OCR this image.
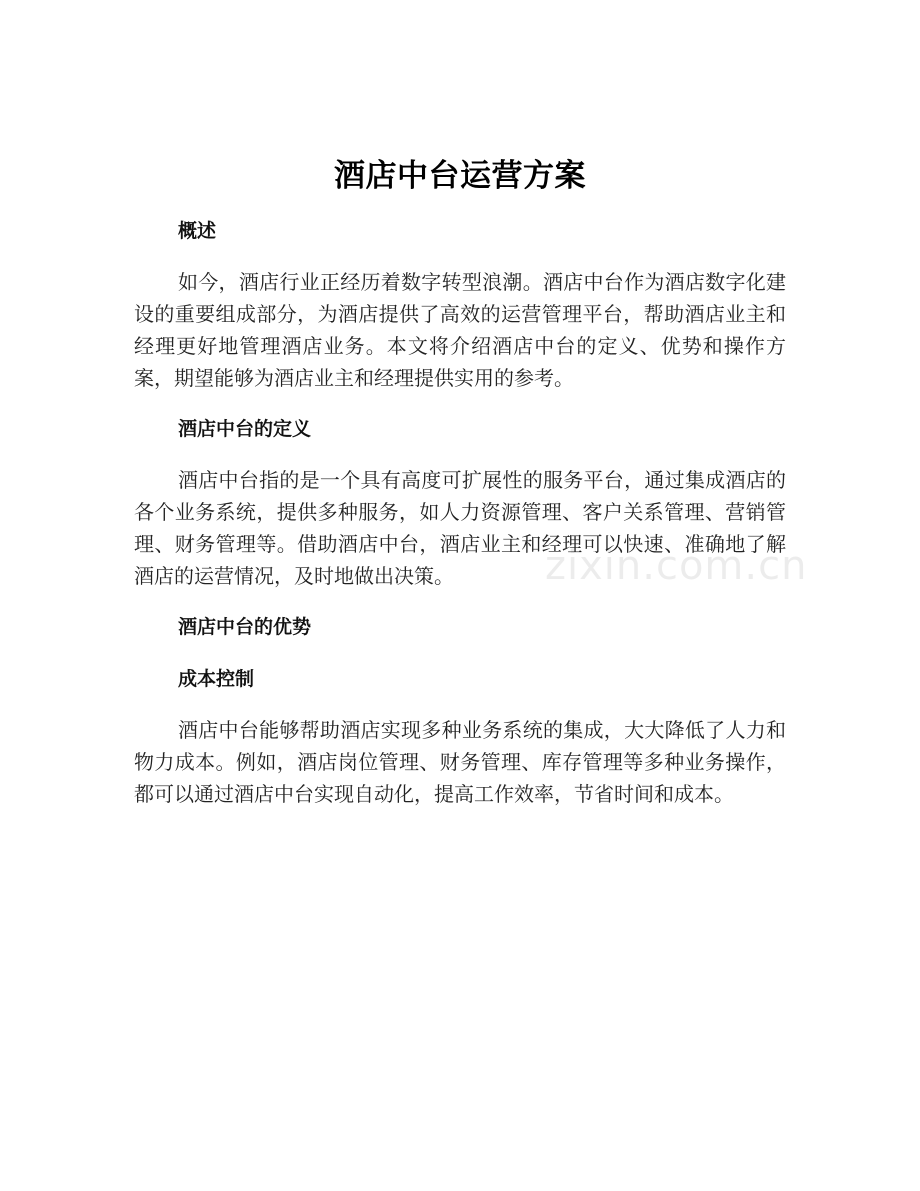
酒店中台运营方案
概述

如今，酒店行业正经历着数字转型浪潮。酒店中台作为酒店数字化建设的重要组成部分，为酒店提供了高效的运营管理平台，帮助酒店业主和经理更好地管理酒店业务。本文将介绍酒店中台的定义、优势和操作方案，期望能够为酒店业主和经理提供实用的参考。

酒店中台的定义

酒店中台指的是一个具有高度可扩展性的服务平台，通过集成酒店的各个业务系统，提供多种服务，如人力资源管理、客户关系管理、营销管理、财务管理等。借助酒店中台，酒店业主和经理可以快速、准确地了解酒店的运营情况，及时地做出决策。

酒店中台的优势
成本控制

酒店中台能够帮助酒店实现多种业务系统的集成，大大降低了人力和物力成本。例如，酒店岗位管理、财务管理、库存管理等多种业务操作，都可以通过酒店中台实现自动化，提高工作效率，节省时间和成本。

zixin.com.cn
